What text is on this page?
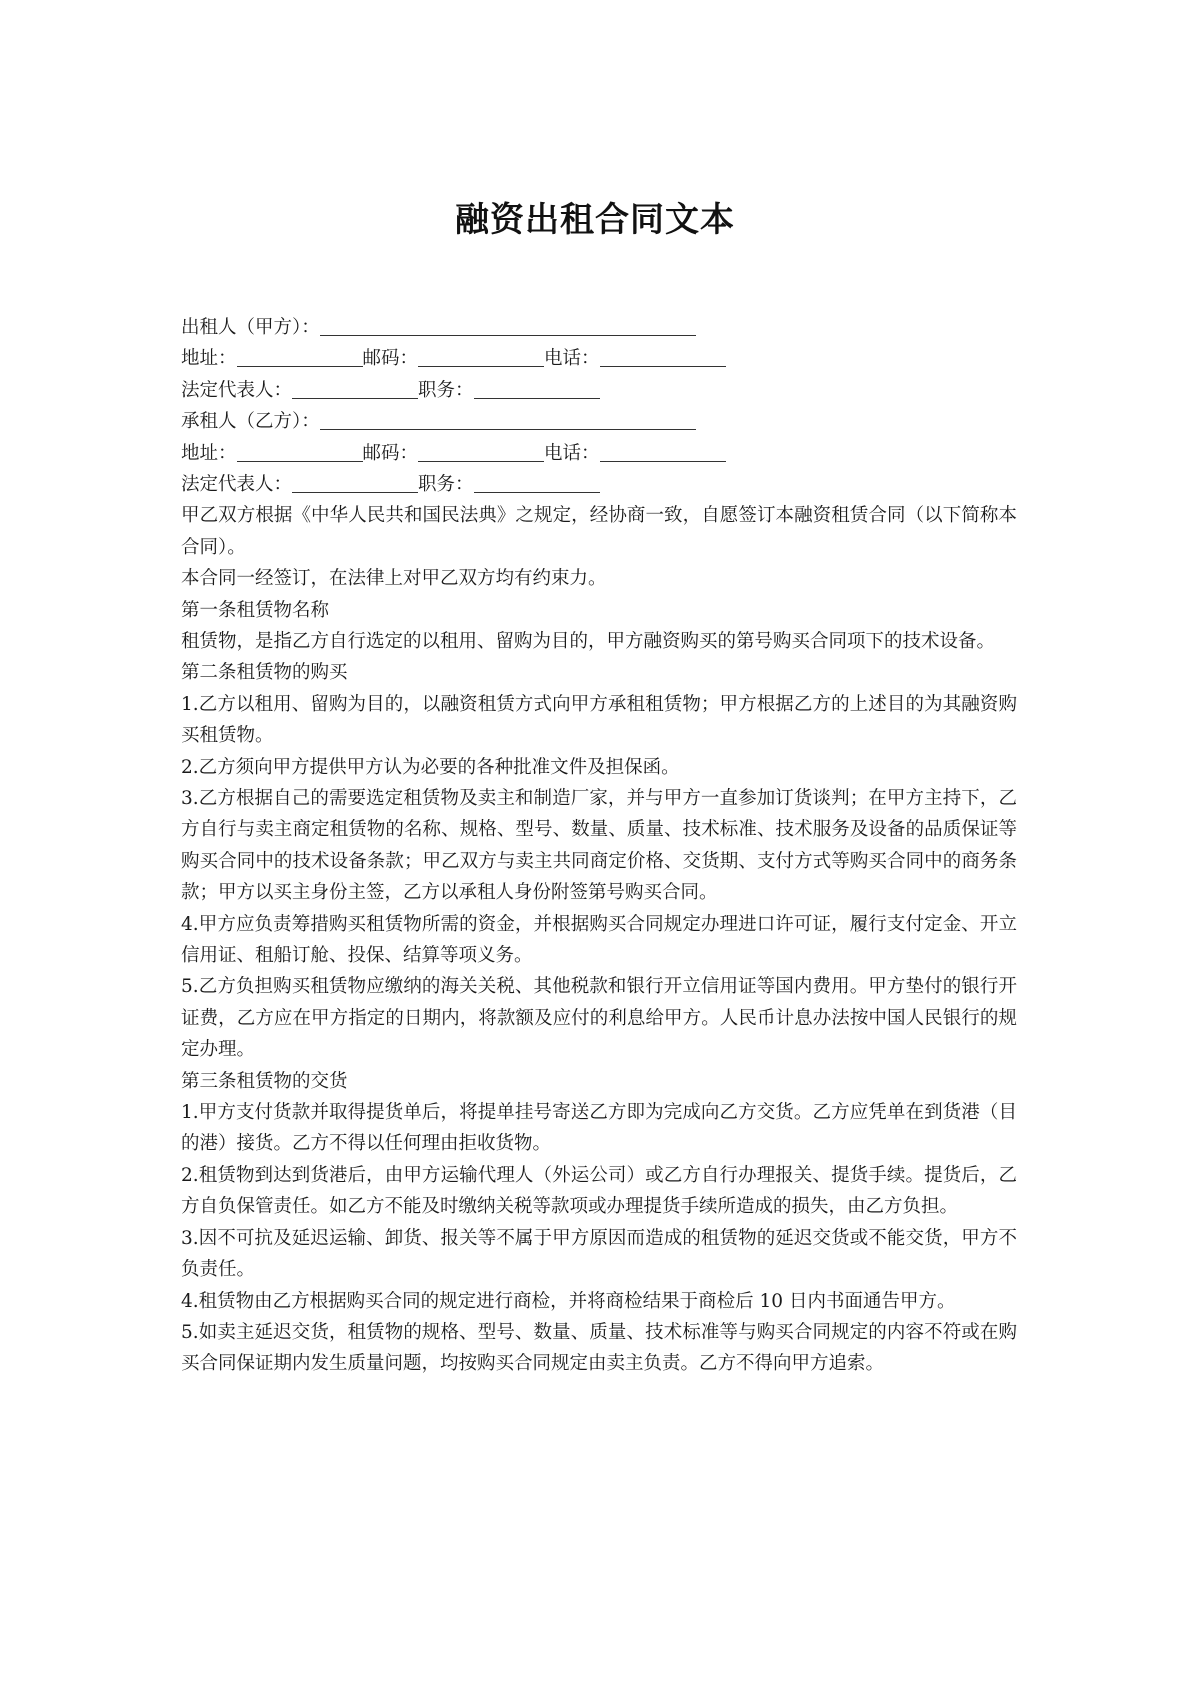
融资出租合同文本
出租人（甲方）：
地址：	邮码：	电话：
法定代表人：	职务：
承租人（乙方）：
地址：	邮码：	电话：
法定代表人：	职务：
甲乙双方根据《中华人民共和国民法典》之规定，经协商一致，自愿签订本融资租赁合同（以下简称本合同）。
本合同一经签订，在法律上对甲乙双方均有约束力。
第一条租赁物名称
租赁物，是指乙方自行选定的以租用、留购为目的，甲方融资购买的第号购买合同项下的技术设备。
第二条租赁物的购买
1.乙方以租用、留购为目的，以融资租赁方式向甲方承租租赁物；甲方根据乙方的上述目的为其融资购买租赁物。
2.乙方须向甲方提供甲方认为必要的各种批准文件及担保函。
3.乙方根据自己的需要选定租赁物及卖主和制造厂家，并与甲方一直参加订货谈判；在甲方主持下，乙方自行与卖主商定租赁物的名称、规格、型号、数量、质量、技术标准、技术服务及设备的品质保证等购买合同中的技术设备条款；甲乙双方与卖主共同商定价格、交货期、支付方式等购买合同中的商务条款；甲方以买主身份主签，乙方以承租人身份附签第号购买合同。
4.甲方应负责筹措购买租赁物所需的资金，并根据购买合同规定办理进口许可证，履行支付定金、开立信用证、租船订舱、投保、结算等项义务。
5.乙方负担购买租赁物应缴纳的海关关税、其他税款和银行开立信用证等国内费用。甲方垫付的银行开证费，乙方应在甲方指定的日期内，将款额及应付的利息给甲方。人民币计息办法按中国人民银行的规定办理。
第三条租赁物的交货
1.甲方支付货款并取得提货单后，将提单挂号寄送乙方即为完成向乙方交货。乙方应凭单在到货港（目的港）接货。乙方不得以任何理由拒收货物。
2.租赁物到达到货港后，由甲方运输代理人（外运公司）或乙方自行办理报关、提货手续。提货后，乙方自负保管责任。如乙方不能及时缴纳关税等款项或办理提货手续所造成的损失，由乙方负担。
3.因不可抗及延迟运输、卸货、报关等不属于甲方原因而造成的租赁物的延迟交货或不能交货，甲方不负责任。
4.租赁物由乙方根据购买合同的规定进行商检，并将商检结果于商检后 10 日内书面通告甲方。
5.如卖主延迟交货，租赁物的规格、型号、数量、质量、技术标准等与购买合同规定的内容不符或在购买合同保证期内发生质量问题，均按购买合同规定由卖主负责。乙方不得向甲方追索。
